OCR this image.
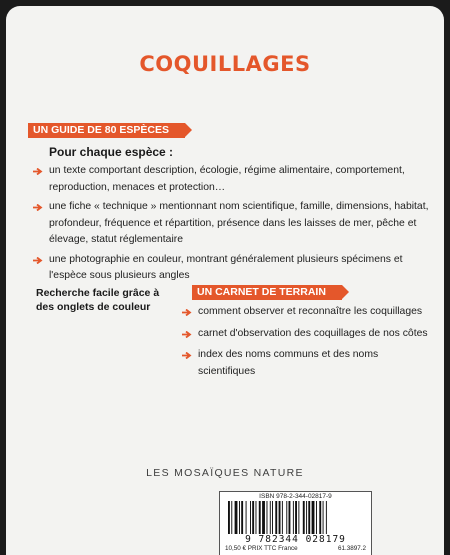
COQUILLAGES
UN GUIDE DE 80 ESPÈCES
Pour chaque espèce :
un texte comportant description, écologie, régime alimentaire, comportement, reproduction, menaces et protection…
une fiche « technique » mentionnant nom scientifique, famille, dimensions, habitat, profondeur, fréquence et répartition, présence dans les laisses de mer, pêche et élevage, statut réglementaire
une photographie en couleur, montrant généralement plusieurs spécimens et l'espèce sous plusieurs angles
Recherche facile grâce à des onglets de couleur
UN CARNET DE TERRAIN
comment observer et reconnaître les coquillages
carnet d'observation des coquillages de nos côtes
index des noms communs et des noms scientifiques
LES MOSAÏQUES NATURE
ISBN 978-2-344-02817-9
9 782344 028179
10,50 € PRIX TTC France	61.3897.2
